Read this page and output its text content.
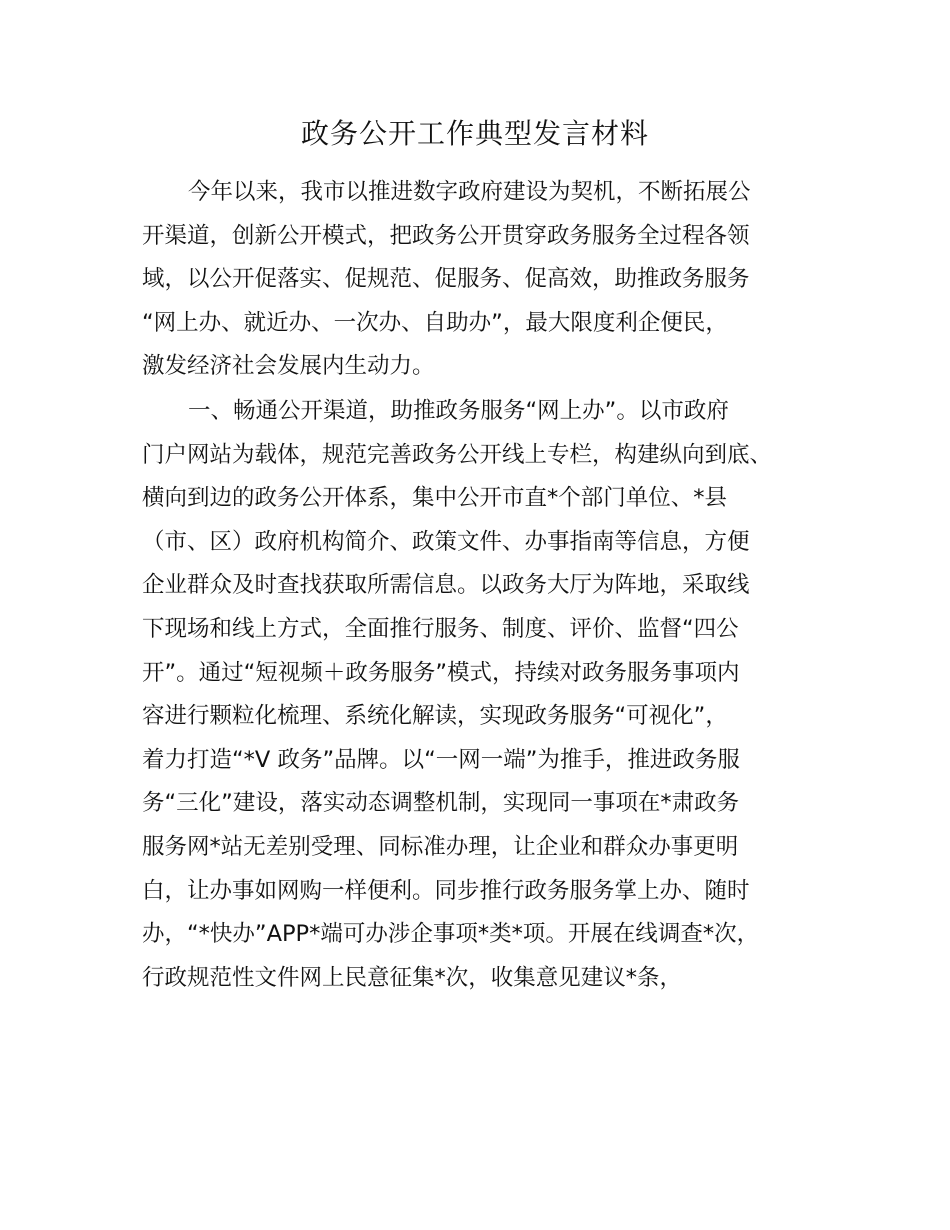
政务公开工作典型发言材料
今年以来，我市以推进数字政府建设为契机，不断拓展公
开渠道，创新公开模式，把政务公开贯穿政务服务全过程各领
域，以公开促落实、促规范、促服务、促高效，助推政务服务
“网上办、就近办、一次办、自助办”，最大限度利企便民，
激发经济社会发展内生动力。
一、畅通公开渠道，助推政务服务“网上办”。以市政府
门户网站为载体，规范完善政务公开线上专栏，构建纵向到底、
横向到边的政务公开体系，集中公开市直*个部门单位、*县
（市、区）政府机构简介、政策文件、办事指南等信息，方便
企业群众及时查找获取所需信息。以政务大厅为阵地，采取线
下现场和线上方式，全面推行服务、制度、评价、监督“四公
开”。通过“短视频＋政务服务”模式，持续对政务服务事项内
容进行颗粒化梳理、系统化解读，实现政务服务“可视化”，
着力打造“*V 政务”品牌。以“一网一端”为推手，推进政务服
务“三化”建设，落实动态调整机制，实现同一事项在*肃政务
服务网*站无差别受理、同标准办理，让企业和群众办事更明
白，让办事如网购一样便利。同步推行政务服务掌上办、随时
办，“*快办”APP*端可办涉企事项*类*项。开展在线调查*次，
行政规范性文件网上民意征集*次，收集意见建议*条，
